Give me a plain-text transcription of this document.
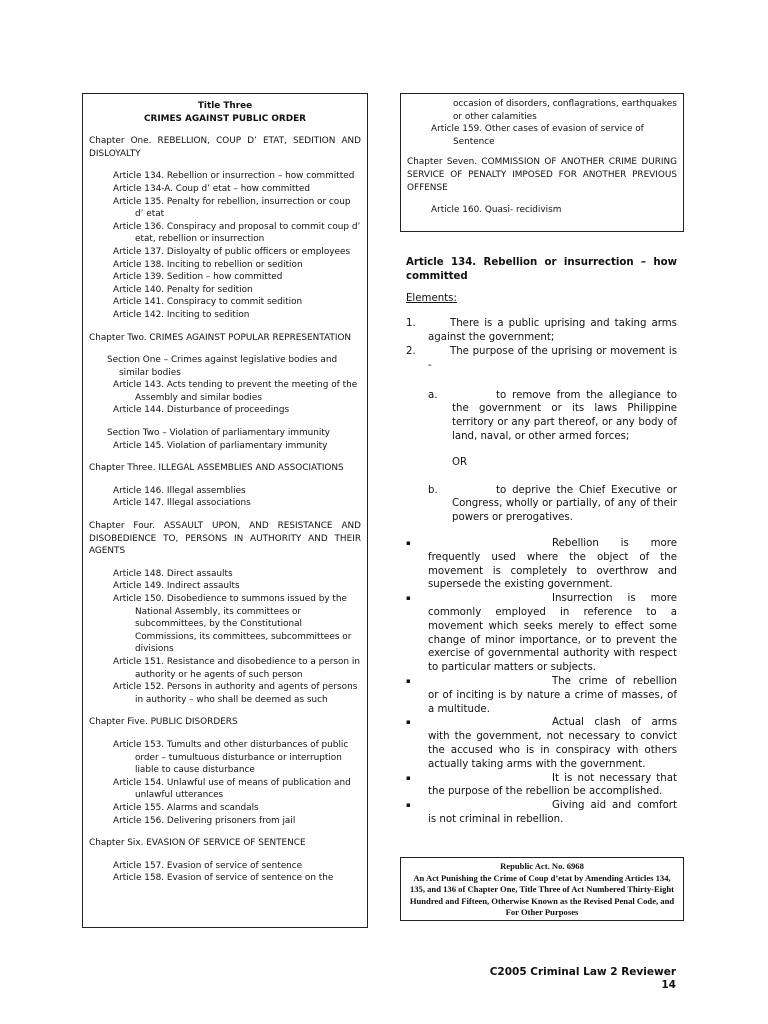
Title Three
CRIMES AGAINST PUBLIC ORDER
Chapter One. REBELLION, COUP D’ ETAT, SEDITION AND DISLOYALTY
Article 134. Rebellion or insurrection – how committed
Article 134-A. Coup d’ etat – how committed
Article 135. Penalty for rebellion, insurrection or coup d’ etat
Article 136. Conspiracy and proposal to commit coup d’ etat, rebellion or insurrection
Article 137. Disloyalty of public officers or employees
Article 138. Inciting to rebellion or sedition
Article 139. Sedition – how committed
Article 140. Penalty for sedition
Article 141. Conspiracy to commit sedition
Article 142. Inciting to sedition
Chapter Two. CRIMES AGAINST POPULAR REPRESENTATION
Section One – Crimes against legislative bodies and similar bodies
Article 143. Acts tending to prevent the meeting of the Assembly and similar bodies
Article 144. Disturbance of proceedings
Section Two – Violation of parliamentary immunity
Article 145. Violation of parliamentary immunity
Chapter Three. ILLEGAL ASSEMBLIES AND ASSOCIATIONS
Article 146. Illegal assemblies
Article 147. Illegal associations
Chapter Four. ASSAULT UPON, AND RESISTANCE AND DISOBEDIENCE TO, PERSONS IN AUTHORITY AND THEIR AGENTS
Article 148. Direct assaults
Article 149. Indirect assaults
Article 150. Disobedience to summons issued by the National Assembly, its committees or subcommittees, by the Constitutional Commissions, its committees, subcommittees or divisions
Article 151. Resistance and disobedience to a person in authority or he agents of such person
Article 152. Persons in authority and agents of persons in authority – who shall be deemed as such
Chapter Five. PUBLIC DISORDERS
Article 153. Tumults and other disturbances of public order – tumultuous disturbance or interruption liable to cause disturbance
Article 154. Unlawful use of means of publication and unlawful utterances
Article 155. Alarms and scandals
Article 156. Delivering prisoners from jail
Chapter Six. EVASION OF SERVICE OF SENTENCE
Article 157. Evasion of service of sentence
Article 158. Evasion of service of sentence on the
occasion of disorders, conflagrations, earthquakes or other calamities
Article 159. Other cases of evasion of service of Sentence
Chapter Seven. COMMISSION OF ANOTHER CRIME DURING SERVICE OF PENALTY IMPOSED FOR ANOTHER PREVIOUS OFFENSE
Article 160. Quasi- recidivism
Article 134. Rebellion or insurrection – how committed
Elements:
1.	There is a public uprising and taking arms against the government;
2.	The purpose of the uprising or movement is -
a.	to remove from the allegiance to the government or its laws Philippine territory or any part thereof, or any body of land, naval, or other armed forces;
OR
b.	to deprive the Chief Executive or Congress, wholly or partially, of any of their powers or prerogatives.
▪	Rebellion is more frequently used where the object of the movement is completely to overthrow and supersede the existing government.
▪	Insurrection is more commonly employed in reference to a movement which seeks merely to effect some change of minor importance, or to prevent the exercise of governmental authority with respect to particular matters or subjects.
▪	The crime of rebellion or of inciting is by nature a crime of masses, of a multitude.
▪	Actual clash of arms with the government, not necessary to convict the accused who is in conspiracy with others actually taking arms with the government.
▪	It is not necessary that the purpose of the rebellion be accomplished.
▪	Giving aid and comfort is not criminal in rebellion.
Republic Act. No. 6968
An Act Punishing the Crime of Coup d’etat by Amending Articles 134, 135, and 136 of Chapter One, Title Three of Act Numbered Thirty-Eight Hundred and Fifteen, Otherwise Known as the Revised Penal Code, and For Other Purposes
C2005 Criminal Law 2 Reviewer
14
